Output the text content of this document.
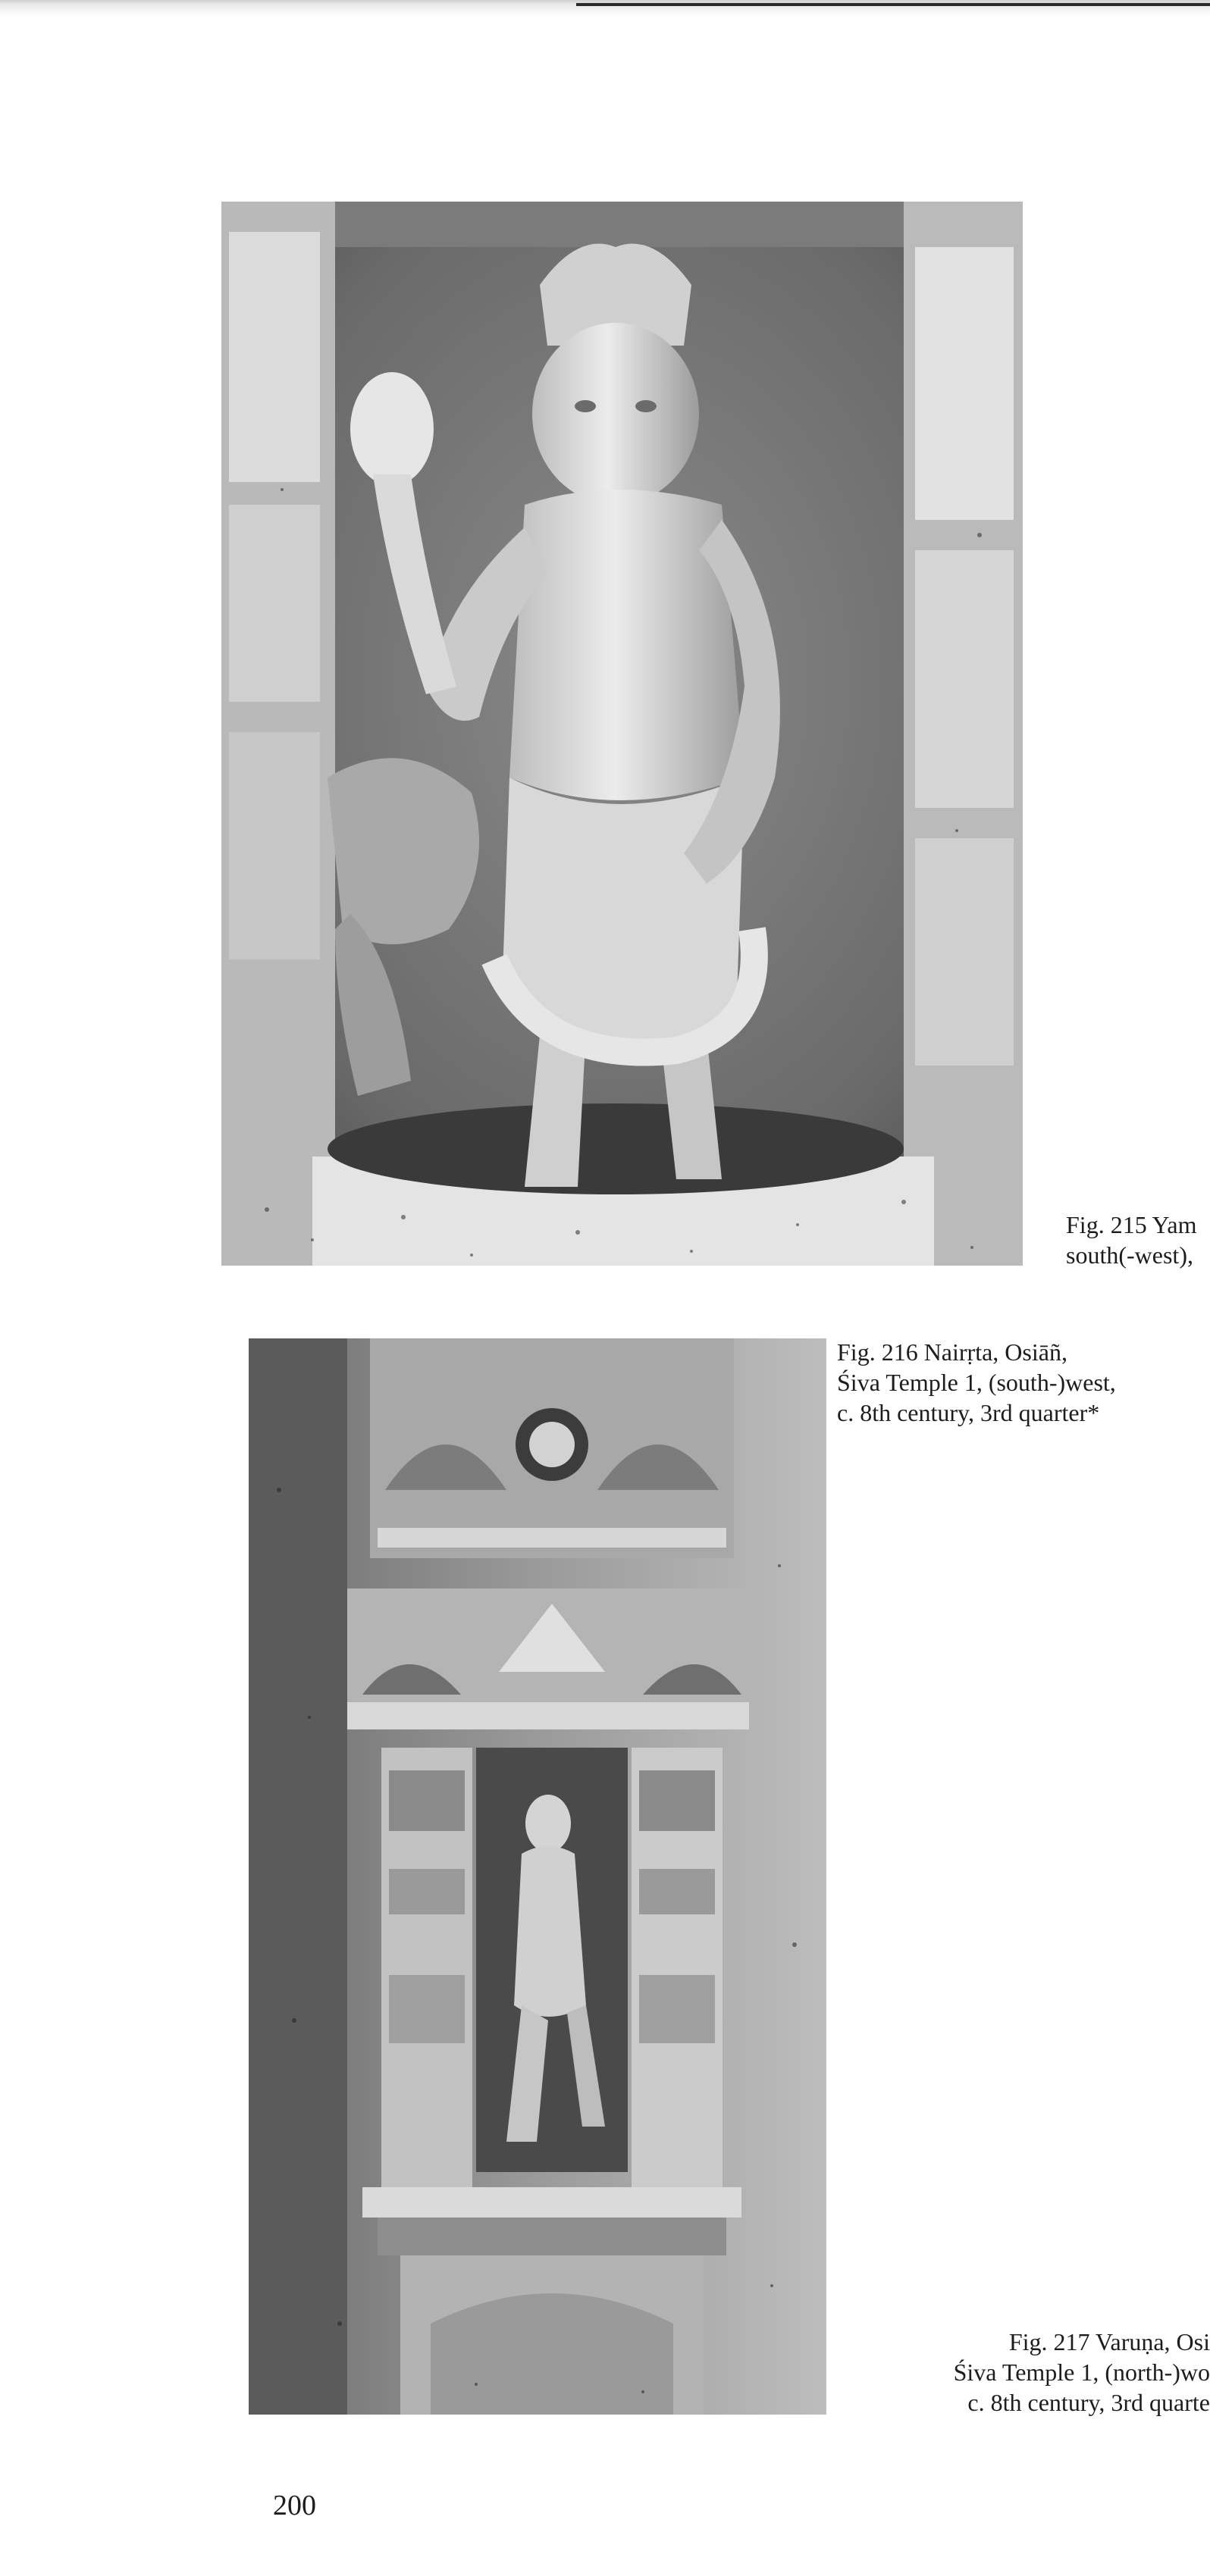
Fig. 215 Yam
south(-west),
Fig. 216 Nairṛta, Osiāñ,
Śiva Temple 1, (south-)west,
c. 8th century, 3rd quarter*
Fig. 217 Varuṇa, Osi
Śiva Temple 1, (north-)wo
c. 8th century, 3rd quarte
200
